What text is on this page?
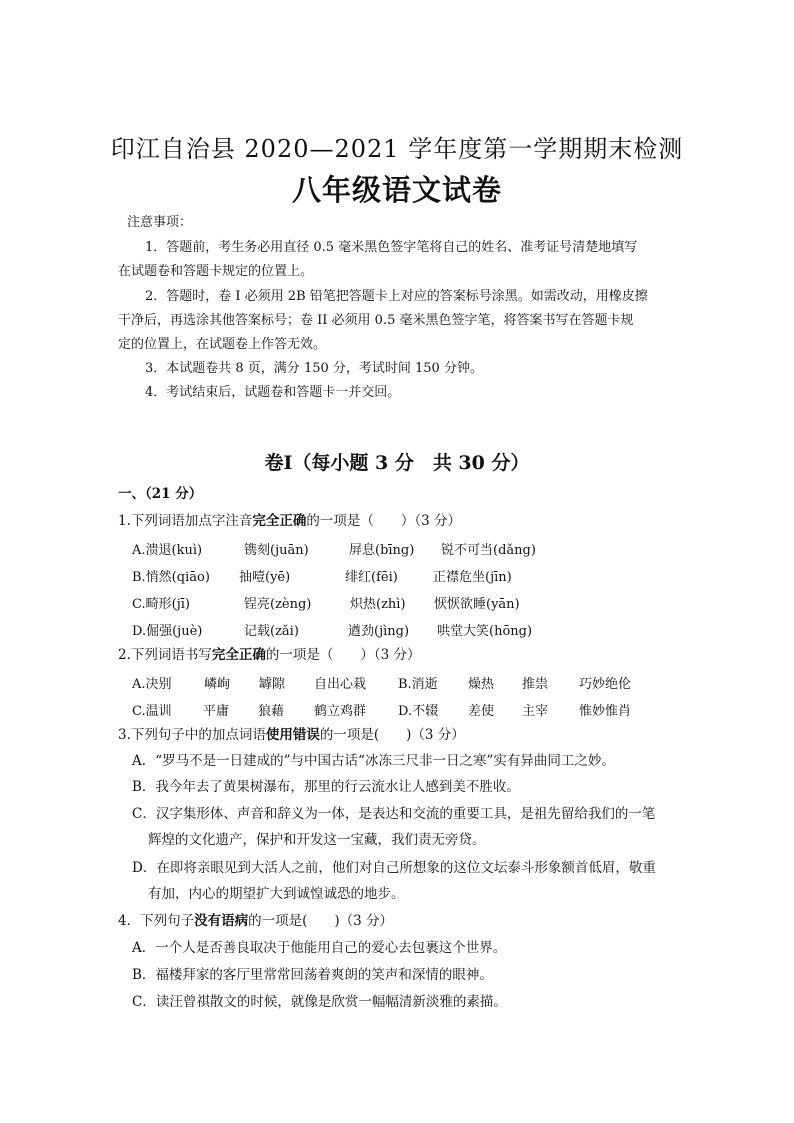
印江自治县 2020—2021 学年度第一学期期末检测
八年级语文试卷
注意事项：
1．答题前，考生务必用直径 0.5 毫米黑色签字笔将自己的姓名、准考证号清楚地填写
在试题卷和答题卡规定的位置上。
2．答题时，卷 I 必须用 2B 铅笔把答题卡上对应的答案标号涂黑。如需改动，用橡皮擦
干净后，再选涂其他答案标号；卷 II 必须用 0.5 毫米黑色签字笔，将答案书写在答题卡规
定的位置上，在试题卷上作答无效。
3．本试题卷共 8 页，满分 150 分，考试时间 150 分钟。
4．考试结束后，试题卷和答题卡一并交回。
卷Ⅰ（每小题 3 分　共 30 分）
一、（21 分）
1.下列词语加点字注音完全正确的一项是（　　）（3 分）
A.溃退(kuì)	镌刻(juān)	屏息(bīng) 锐不可当(dǎng)
B.悄然(qiāo) 抽噎(yē)	绯红(fēi)	正襟危坐(jīn)
C.畸形(jī)	锃亮(zèng)	炽热(zhì) 恹恹欲睡(yān)
D.倔强(juè)	记载(zǎi)	遒劲(jìng) 哄堂大笑(hōng)
2.下列词语书写完全正确的一项是（　　）（3 分）
A.决别 嶙峋 罅隙 自出心栽 B.消逝 燥热 推祟 巧妙绝伦
C.温训 平庸 狼藉 鹤立鸡群 D.不辍 差使 主宰 惟妙惟肖
3.下列句子中的加点词语使用错误的一项是(　　)（3 分）
A．“罗马不是一日建成的”与中国古话“冰冻三尺非一日之寒”实有异曲同工之妙。
B．我今年去了黄果树瀑布，那里的行云流水让人感到美不胜收。
C．汉字集形体、声音和辞义为一体，是表达和交流的重要工具，是祖先留给我们的一笔
辉煌的文化遗产，保护和开发这一宝藏，我们责无旁贷。
D．在即将亲眼见到大活人之前，他们对自己所想象的这位文坛泰斗形象额首低眉，敬重
有加，内心的期望扩大到诚惶诚恐的地步。
4．下列句子没有语病的一项是(　　)（3 分）
A．一个人是否善良取决于他能用自己的爱心去包裹这个世界。
B．福楼拜家的客厅里常常回荡着爽朗的笑声和深情的眼神。
C．读汪曾祺散文的时候，就像是欣赏一幅幅清新淡雅的素描。
